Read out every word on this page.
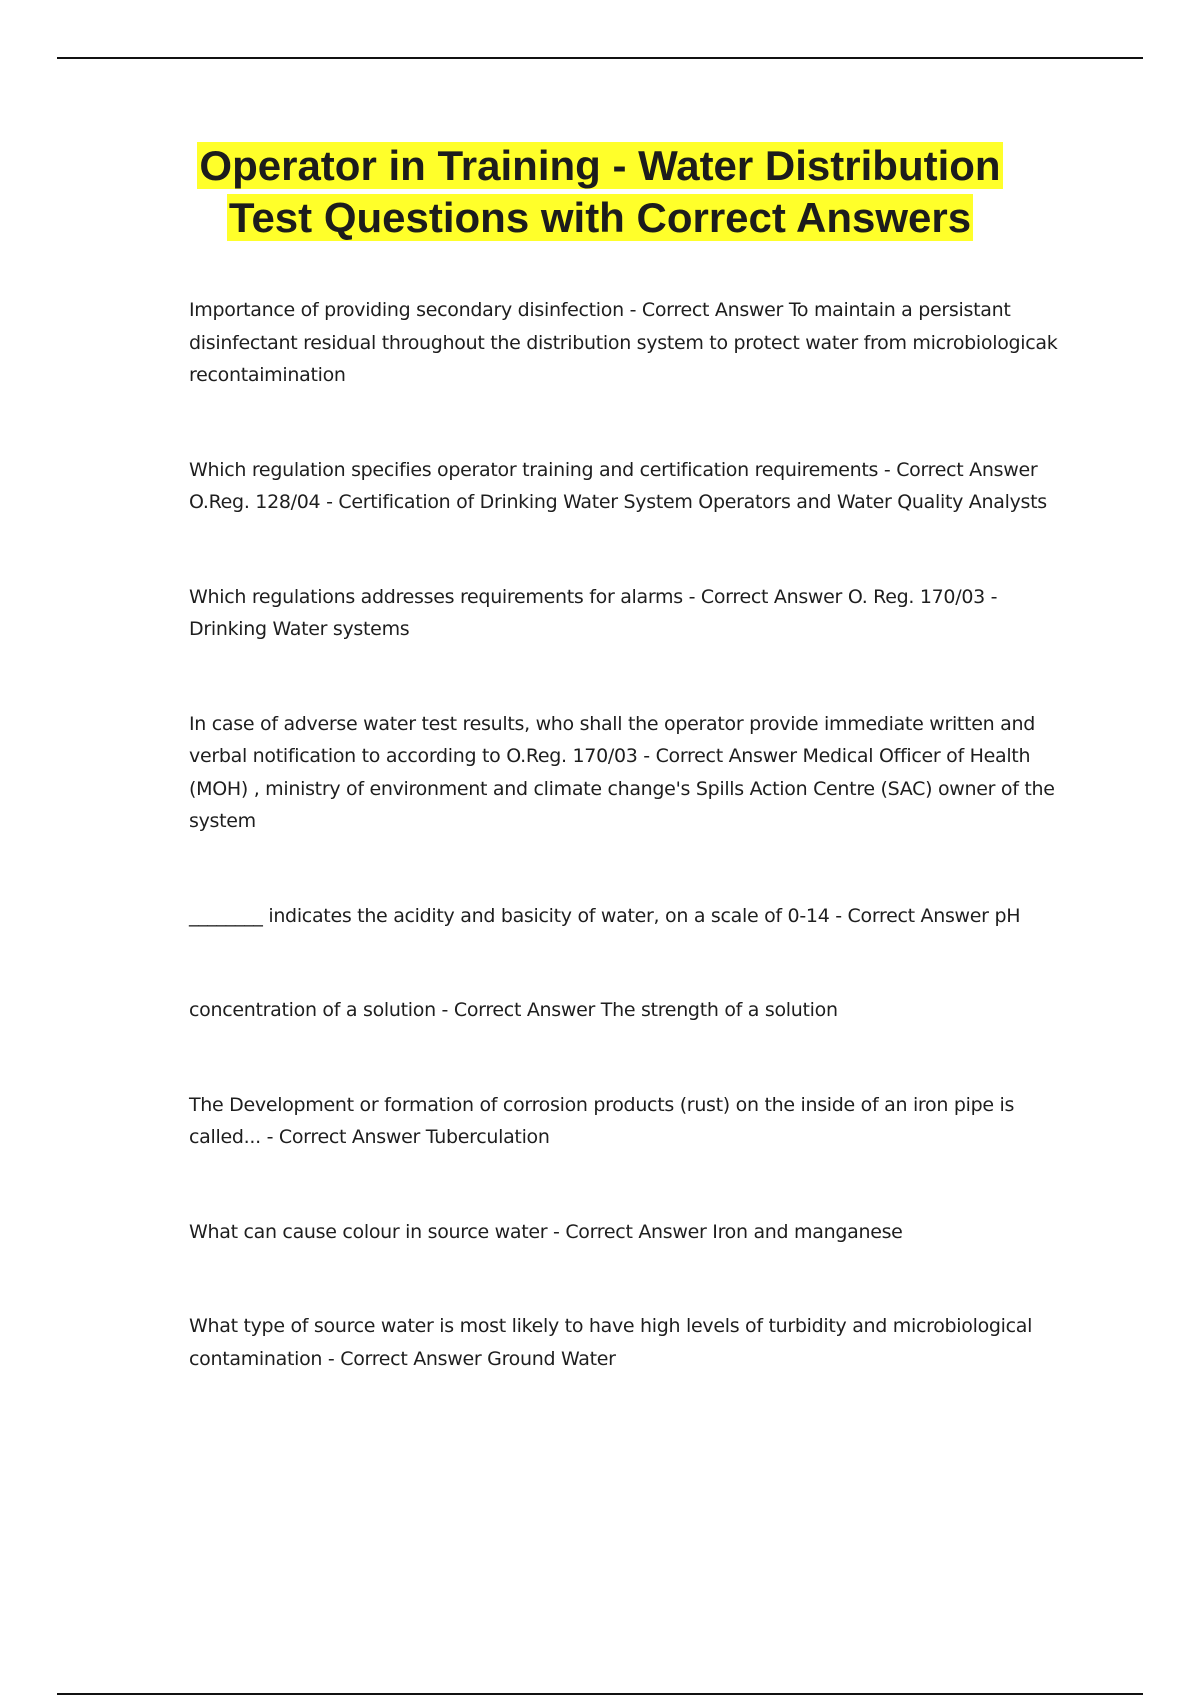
Operator in Training - Water Distribution Test Questions with Correct Answers
Importance of providing secondary disinfection - Correct Answer To maintain a persistant disinfectant residual throughout the distribution system to protect water from microbiologicak recontaimination
Which regulation specifies operator training and certification requirements - Correct Answer O.Reg. 128/04 - Certification of Drinking Water System Operators and Water Quality Analysts
Which regulations addresses requirements for alarms - Correct Answer O. Reg. 170/03 - Drinking Water systems
In case of adverse water test results, who shall the operator provide immediate written and verbal notification to according to O.Reg. 170/03 - Correct Answer Medical Officer of Health (MOH) , ministry of environment and climate change's Spills Action Centre (SAC) owner of the system
________ indicates the acidity and basicity of water, on a scale of 0-14 - Correct Answer pH
concentration of a solution - Correct Answer The strength of a solution
The Development or formation of corrosion products (rust) on the inside of an iron pipe is called... - Correct Answer Tuberculation
What can cause colour in source water - Correct Answer Iron and manganese
What type of source water is most likely to have high levels of turbidity and microbiological contamination - Correct Answer Ground Water
